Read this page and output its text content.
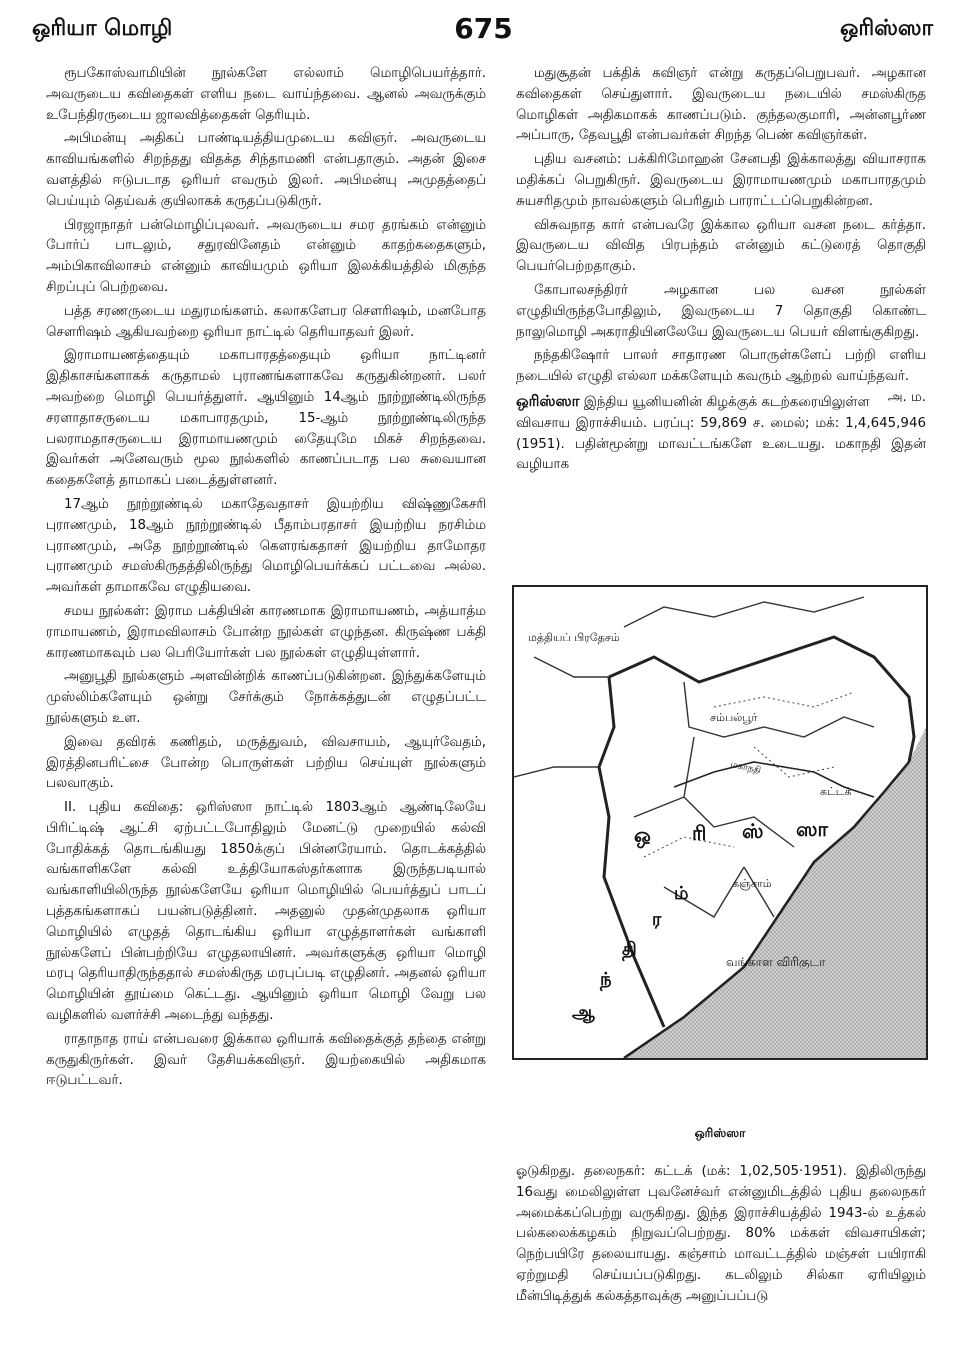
ஒரியா மொழி	675	ஒரிஸ்ஸா

ரூபகோஸ்வாமியின் நூல்களே எல்லாம் மொழிபெயர்த்தார். அவருடைய கவிதைகள் எளிய நடை வாய்ந்தவை. ஆனல் அவருக்கும் உபேந்திரருடைய ஜாலவித்தைகள் தெரியும்.

அபிமன்யு அதிகப் பாண்டியத்தியமுடைய கவிஞர். அவருடைய காவியங்களில் சிறந்தது விதக்த சிந்தாமணி என்பதாகும். அதன் இசை வளத்தில் ஈடுபடாத ஒரியர் எவரும் இலர். அபிமன்யு அமுதத்தைப் பெய்யும் தெய்வக் குயிலாகக் கருதப்படுகிருர்.

பிரஜாநாதர் பன்மொழிப்புலவர். அவருடைய சமர தரங்கம் என்னும் போர்ப் பாடலும், சதுரவினேதம் என்னும் காதற்கதைகளும், அம்பிகாவிலாசம் என்னும் காவியமும் ஒரியா இலக்கியத்தில் மிகுந்த சிறப்புப் பெற்றவை.

பத்த சரணருடைய மதுரமங்களம். கலாகளேபர சௌரிஷம், மனபோத சௌரிஷம் ஆகியவற்றை ஒரியா நாட்டில் தெரியாதவர் இலர்.

இராமாயணத்தையும் மகாபாரதத்தையும் ஒரியா நாட்டினர் இதிகாசங்களாகக் கருதாமல் புராணங்களாகவே கருதுகின்றனர். பலர் அவற்றை மொழி பெயர்த்துளர். ஆயினும் 14ஆம் நூற்றூண்டிலிருந்த சரளாதாசருடைய மகாபாரதமும், 15-ஆம் நூற்றூண்டிலிருந்த பலராமதாசருடைய இராமாயணமும் தேையுமே மிகச் சிறந்தவை. இவர்கள் அனேவரும் மூல நூல்களில் காணப்படாத பல சுவையான கதைகளேத் தாமாகப் படைத்துள்ளனர்.

17ஆம் நூற்றூண்டில் மகாதேவதாசர் இயற்றிய விஷ்ணுகேசரி புராணமும், 18ஆம் நூற்றூண்டில் பீதாம்பரதாசர் இயற்றிய நரசிம்ம புராணமும், அதே நூற்றூண்டில் கௌரங்கதாசர் இயற்றிய தாமோதர புராணமும் சமஸ்கிருதத்திலிருந்து மொழிபெயர்க்கப் பட்டவை அல்ல. அவர்கள் தாமாகவே எழுதியவை.

சமய நூல்கள்: இராம பக்தியின் காரணமாக இராமாயணம், அத்யாத்ம ராமாயணம், இராமவிலாசம் போன்ற நூல்கள் எழுந்தன. கிருஷ்ண பக்தி காரணமாகவும் பல பெரியோர்கள் பல நூல்கள் எழுதியுள்ளார்.

அனுபூதி நூல்களும் அளவின்றிக் காணப்படுகின்றன. இந்துக்களேயும் முஸ்லிம்களேயும் ஒன்று சேர்க்கும் நோக்கத்துடன் எழுதப்பட்ட நூல்களும் உள.

இவை தவிரக் கணிதம், மருத்துவம், விவசாயம், ஆயுர்வேதம், இரத்தினபரிட்சை போன்ற பொருள்கள் பற்றிய செய்யுள் நூல்களும் பலவாகும்.

II. புதிய கவிதை: ஒரிஸ்ஸா நாட்டில் 1803ஆம் ஆண்டிலேயே பிரிட்டிஷ் ஆட்சி ஏற்பட்டபோதிலும் மேனட்டு முறையில் கல்வி போதிக்கத் தொடங்கியது 1850க்குப் பின்னரேயாம். தொடக்கத்தில் வங்காளிகளே கல்வி உத்தியோகஸ்தர்களாக இருந்தபடியால் வங்காளியிலிருந்த நூல்களேயே ஒரியா மொழியில் பெயர்த்துப் பாடப் புத்தகங்களாகப் பயன்படுத்தினர். அதனுல் முதன்முதலாக ஒரியா மொழியில் எழுதத் தொடங்கிய ஒரியா எழுத்தாளர்கள் வங்காளி நூல்களேப் பின்பற்றியே எழுதலாயினர். அவர்களுக்கு ஒரியா மொழி மரபு தெரியாதிருந்ததால் சமஸ்கிருத மரபுப்படி எழுதினர். அதனல் ஒரியா மொழியின் தூய்மை கெட்டது. ஆயினும் ஒரியா மொழி வேறு பல வழிகளில் வளர்ச்சி அடைந்து வந்தது.

ராதாநாத ராய் என்பவரை இக்கால ஒரியாக் கவிதைக்குத் தந்தை என்று கருதுகிருர்கள். இவர் தேசியக்கவிஞர். இயற்கையில் அதிகமாக ஈடுபட்டவர்.

மதுசூதன் பக்திக் கவிஞர் என்று கருதப்பெறுபவர். அழகான கவிதைகள் செய்துளார். இவருடைய நடையில் சமஸ்கிருத மொழிகள் அதிகமாகக் காணப்படும். குந்தலகுமாரி, அன்னபூர்ண அப்பாரு, தேவபூதி என்பவர்கள் சிறந்த பெண் கவிஞர்கள்.

புதிய வசனம்: பக்கிரிமோஹன் சேனபதி இக்காலத்து வியாசராக மதிக்கப் பெறுகிருர். இவருடைய இராமாயணமும் மகாபாரதமும் சுயசரிதமும் நாவல்களும் பெரிதும் பாராட்டப்பெறுகின்றன.

விசுவநாத கார் என்பவரே இக்கால ஒரியா வசன நடை கர்த்தா. இவருடைய விவித பிரபந்தம் என்னும் கட்டுரைத் தொகுதி பெயர்பெற்றதாகும்.

கோபாலசந்திரர் அழகான பல வசன நூல்கள் எழுதியிருந்தபோதிலும், இவருடைய 7 தொகுதி கொண்ட நாலுமொழி அகராதியினலேயே இவருடைய பெயர் விளங்குகிறது.

நந்தகிஷோர் பாலர் சாதாரண பொருள்களேப் பற்றி எளிய நடையில் எழுதி எல்லா மக்களேயும் கவரும் ஆற்றல் வாய்ந்தவர்.
அ. ம.

ஒரிஸ்ஸா இந்திய யூனியனின் கிழக்குக் கடற்கரையிலுள்ள விவசாய இராச்சியம். பரப்பு: 59,869 ச. மைல்; மக்: 1,4,645,946 (1951). பதின்மூன்று மாவட்டங்களே உடையது. மகாநதி இதன் வழியாக

மத்தியப் பிரதேசம்
சம்பல்பூர்
மகாநதி
கட்டக்
கஞ்சாம்
வங்காள விரிகுடா
ஒ ரி ஸ் ஸா
ஆ
ந்
தி
ர
ம்
ஒரிஸ்ஸா

ஓடுகிறது. தலைநகர்: கட்டக் (மக்: 1,02,505·1951). இதிலிருந்து 16வது மைலிலுள்ள புவனேச்வர் என்னுமிடத்தில் புதிய தலைநகர் அமைக்கப்பெற்று வருகிறது. இந்த இராச்சியத்தில் 1943-ல் உத்கல் பல்கலைக்கழகம் நிறுவப்பெற்றது. 80% மக்கள் விவசாயிகள்; நெற்பயிரே தலையாயது. கஞ்சாம் மாவட்டத்தில் மஞ்சள் பயிராகி ஏற்றுமதி செய்யப்படுகிறது. கடலிலும் சில்கா ஏரியிலும் மீன்பிடித்துக் கல்கத்தாவுக்கு அனுப்பப்படு
